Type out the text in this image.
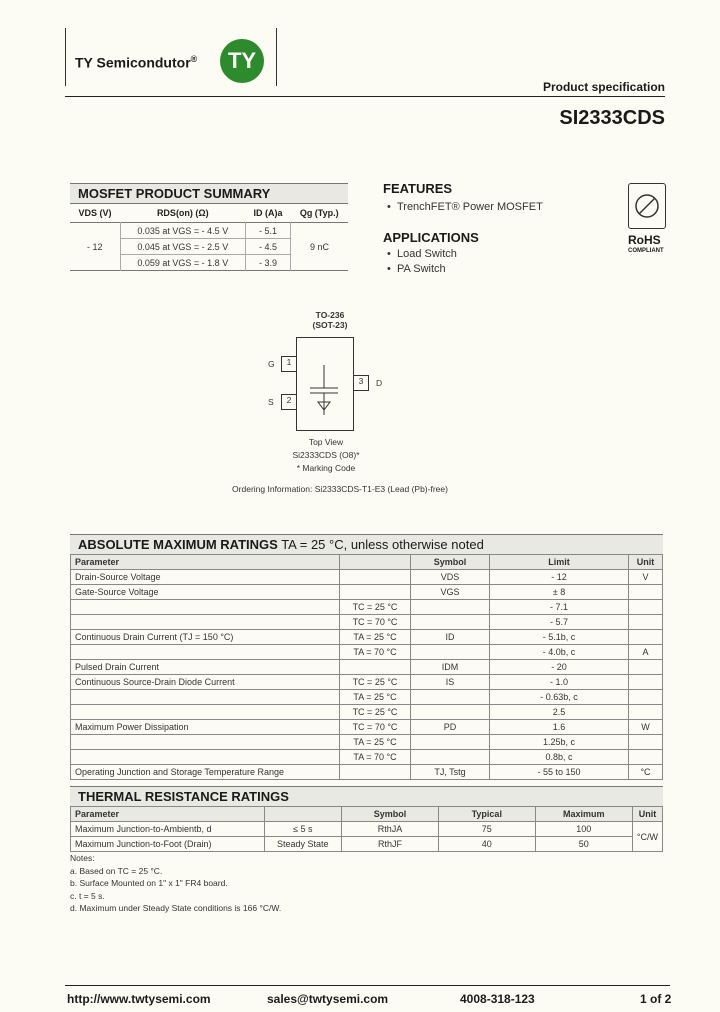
TY Semicondutor®	TY
Product specification
SI2333CDS
MOSFET PRODUCT SUMMARY
VDS (V)	RDS(on) (Ω)	ID (A)a	Qg (Typ.)
- 12	0.035 at VGS = - 4.5 V	- 5.1	9 nC
	0.045 at VGS = - 2.5 V	- 4.5	
	0.059 at VGS = - 1.8 V	- 3.9	
FEATURES
•  TrenchFET® Power MOSFET
APPLICATIONS
•  Load Switch
•  PA Switch
RoHS
COMPLIANT
TO-236
(SOT-23)
G	1
S	2
3	D
Top View
Si2333CDS (O8)*
* Marking Code
Ordering Information: Si2333CDS-T1-E3 (Lead (Pb)-free)
ABSOLUTE MAXIMUM RATINGS TA = 25 °C, unless otherwise noted
Parameter		Symbol	Limit	Unit
Drain-Source Voltage		VDS	- 12	V
Gate-Source Voltage		VGS	± 8	
	TC = 25 °C		- 7.1	
	TC = 70 °C		- 5.7	
Continuous Drain Current (TJ = 150 °C)	TA = 25 °C	ID	- 5.1b, c	
	TA = 70 °C		- 4.0b, c	A
Pulsed Drain Current		IDM	- 20	
Continuous Source-Drain Diode Current	TC = 25 °C	IS	- 1.0	
	TA = 25 °C		- 0.63b, c	
	TC = 25 °C		2.5	
Maximum Power Dissipation	TC = 70 °C	PD	1.6	W
	TA = 25 °C		1.25b, c	
	TA = 70 °C		0.8b, c	
Operating Junction and Storage Temperature Range		TJ, Tstg	- 55 to 150	°C
THERMAL RESISTANCE RATINGS
Parameter		Symbol	Typical	Maximum	Unit
Maximum Junction-to-Ambientb, d	≤ 5 s	RthJA	75	100	°C/W
Maximum Junction-to-Foot (Drain)	Steady State	RthJF	40	50	
Notes:
a. Based on TC = 25 °C.
b. Surface Mounted on 1" x 1" FR4 board.
c. t = 5 s.
d. Maximum under Steady State conditions is 166 °C/W.
http://www.twtysemi.com	sales@twtysemi.com	4008-318-123	1 of 2
